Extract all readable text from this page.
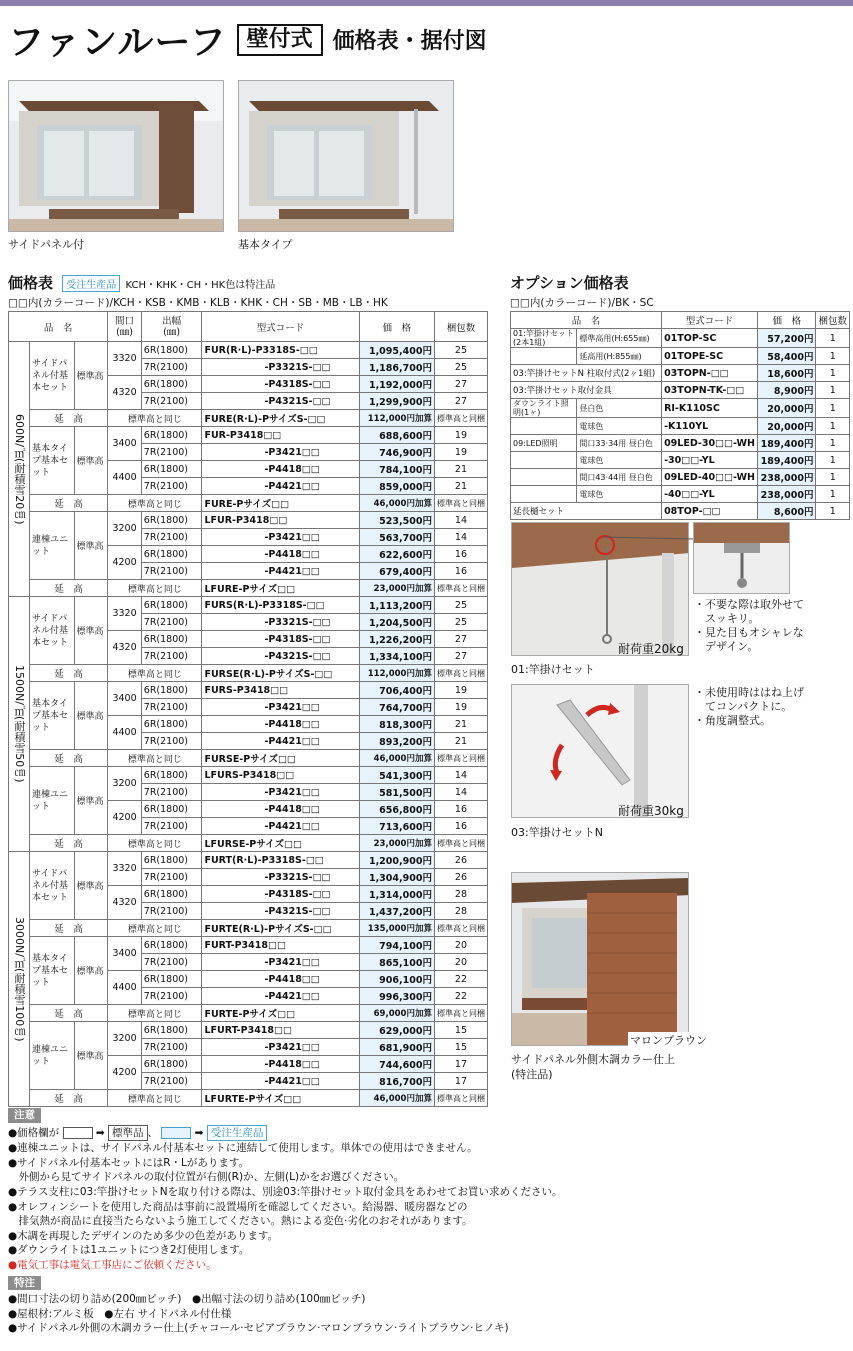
ファンルーフ 壁付式 価格表・据付図
サイドパネル付	基本タイプ
価格表 受注生産品 KCH・KHK・CH・HK色は特注品
□□内(カラーコード)/KCH・KSB・KMB・KLB・KHK・CH・SB・MB・LB・HK
品　名			間口
(㎜)	出幅
(㎜)	型式コード	価　格	梱包数
600N/㎡(耐積雪20㎝)	サイドパネル付基本セット	標準高	3320	6R(1800)	FUR(R·L)-P3318S-□□	1,095,400円	25
				7R(2100)	-P3321S-□□	1,186,700円	25
			4320	6R(1800)	-P4318S-□□	1,192,000円	27
				7R(2100)	-P4321S-□□	1,299,900円	27
	延　高		標準高と同じ		FURE(R·L)-PサイズS-□□	112,000円加算	標準高と同梱
	基本タイプ基本セット	標準高	3400	6R(1800)	FUR-P3418□□	688,600円	19
				7R(2100)	-P3421□□	746,900円	19
			4400	6R(1800)	-P4418□□	784,100円	21
				7R(2100)	-P4421□□	859,000円	21
	延　高		標準高と同じ		FURE-Pサイズ□□	46,000円加算	標準高と同梱
	連棟ユニット	標準高	3200	6R(1800)	LFUR-P3418□□	523,500円	14
				7R(2100)	-P3421□□	563,700円	14
			4200	6R(1800)	-P4418□□	622,600円	16
				7R(2100)	-P4421□□	679,400円	16
	延　高		標準高と同じ		LFURE-Pサイズ□□	23,000円加算	標準高と同梱
1500N/㎡(耐積雪50㎝)	サイドパネル付基本セット	標準高	3320	6R(1800)	FURS(R·L)-P3318S-□□	1,113,200円	25
				7R(2100)	-P3321S-□□	1,204,500円	25
			4320	6R(1800)	-P4318S-□□	1,226,200円	27
				7R(2100)	-P4321S-□□	1,334,100円	27
	延　高		標準高と同じ		FURSE(R·L)-PサイズS-□□	112,000円加算	標準高と同梱
	基本タイプ基本セット	標準高	3400	6R(1800)	FURS-P3418□□	706,400円	19
				7R(2100)	-P3421□□	764,700円	19
			4400	6R(1800)	-P4418□□	818,300円	21
				7R(2100)	-P4421□□	893,200円	21
	延　高		標準高と同じ		FURSE-Pサイズ□□	46,000円加算	標準高と同梱
	連棟ユニット	標準高	3200	6R(1800)	LFURS-P3418□□	541,300円	14
				7R(2100)	-P3421□□	581,500円	14
			4200	6R(1800)	-P4418□□	656,800円	16
				7R(2100)	-P4421□□	713,600円	16
	延　高		標準高と同じ		LFURSE-Pサイズ□□	23,000円加算	標準高と同梱
3000N/㎡(耐積雪100㎝)	サイドパネル付基本セット	標準高	3320	6R(1800)	FURT(R·L)-P3318S-□□	1,200,900円	26
				7R(2100)	-P3321S-□□	1,304,900円	26
			4320	6R(1800)	-P4318S-□□	1,314,000円	28
				7R(2100)	-P4321S-□□	1,437,200円	28
	延　高		標準高と同じ		FURTE(R·L)-PサイズS-□□	135,000円加算	標準高と同梱
	基本タイプ基本セット	標準高	3400	6R(1800)	FURT-P3418□□	794,100円	20
				7R(2100)	-P3421□□	865,100円	20
			4400	6R(1800)	-P4418□□	906,100円	22
				7R(2100)	-P4421□□	996,300円	22
	延　高		標準高と同じ		FURTE-Pサイズ□□	69,000円加算	標準高と同梱
	連棟ユニット	標準高	3200	6R(1800)	LFURT-P3418□□	629,000円	15
				7R(2100)	-P3421□□	681,900円	15
			4200	6R(1800)	-P4418□□	744,600円	17
				7R(2100)	-P4421□□	816,700円	17
	延　高		標準高と同じ		LFURTE-Pサイズ□□	46,000円加算	標準高と同梱
オプション価格表
□□内(カラーコード)/BK・SC
品　名		型式コード	価　格	梱包数
01:竿掛けセット(2本1組)	標準高用(H:655㎜)	01TOP-SC	57,200円	1
	延高用(H:855㎜)	01TOPE-SC	58,400円	1
03:竿掛けセットN 柱取付式(2ヶ1組)		03TOPN-□□	18,600円	1
03:竿掛けセット取付金具		03TOPN-TK-□□	8,900円	1
ダウンライト照明(1ヶ)	昼白色	RI-K110SC	20,000円	1
	電球色	-K110YL	20,000円	1
09:LED照明	間口33·34用 昼白色	09LED-30□□-WH	189,400円	1
	電球色	-30□□-YL	189,400円	1
	間口43·44用 昼白色	09LED-40□□-WH	238,000円	1
	電球色	-40□□-YL	238,000円	1
延長樋セット		08TOP-□□	8,600円	1
耐荷重20kg
・不要な際は取外せて
　スッキリ。
・見た目もオシャレな
　デザイン。
01:竿掛けセット
耐荷重30kg
・未使用時ははね上げ
　てコンパクトに。
・角度調整式。
03:竿掛けセットN
マロンブラウン
サイドパネル外側木調カラー仕上
(特注品)
注意
●価格欄が	➡ 標準品 、	➡ 受注生産品
●連棟ユニットは、サイドパネル付基本セットに連結して使用します。単体での使用はできません。
●サイドパネル付基本セットにはR・Lがあります。
　外側から見てサイドパネルの取付位置が右側(R)か、左側(L)かをお選びください。
●テラス支柱に03:竿掛けセットNを取り付ける際は、別途03:竿掛けセット取付金具をあわせてお買い求めください。
●オレフィンシートを使用した商品は事前に設置場所を確認してください。給湯器、暖房器などの
　排気熱が商品に直接当たらないよう施工してください。熱による変色·劣化のおそれがあります。
●木調を再現したデザインのため多少の色差があります。
●ダウンライトは1ユニットにつき2灯使用します。
●電気工事は電気工事店にご依頼ください。
特注
●間口寸法の切り詰め(200㎜ピッチ)　●出幅寸法の切り詰め(100㎜ピッチ)
●屋根材:アルミ板　●左右 サイドパネル付仕様
●サイドパネル外側の木調カラー仕上(チャコール·セピアブラウン·マロンブラウン·ライトブラウン·ヒノキ)
